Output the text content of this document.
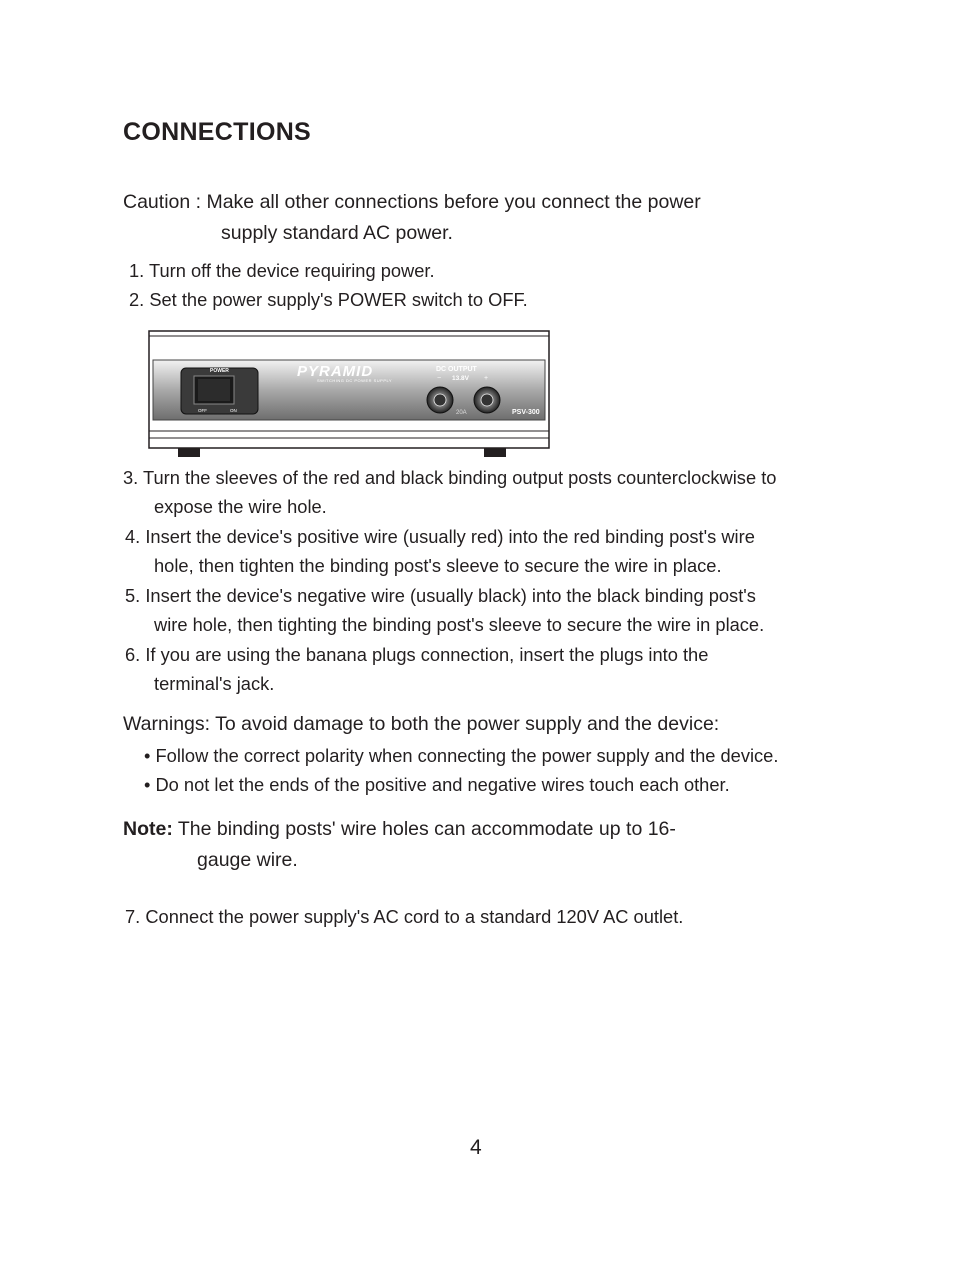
CONNECTIONS
Caution : Make all other connections before you connect the power
supply standard AC power.
1. Turn off the device requiring power.
2. Set the power supply's POWER switch to OFF.
POWER
OFF	ON
PYRAMID
SWITCHING DC POWER SUPPLY
DC OUTPUT
13.8V
−	+
20A	PSV-300
3. Turn the sleeves of the red and black binding output posts counterclockwise to
expose the wire hole.
4. Insert the device's positive wire (usually red) into the red binding post's wire
hole, then tighten the binding post's sleeve to secure the wire in place.
5. Insert the device's negative wire (usually black) into the black binding post's
wire hole, then tighting the binding post's sleeve to secure the wire in place.
6. If you are using the banana plugs connection, insert the plugs into the
terminal's jack.
Warnings: To avoid damage to both the power supply and the device:
• Follow the correct polarity when connecting the power supply and the device.
• Do not let the ends of the positive and negative wires touch each other.
Note: The binding posts' wire holes can accommodate up to 16-
gauge wire.
7. Connect the power supply's AC cord to a standard 120V AC outlet.
4
